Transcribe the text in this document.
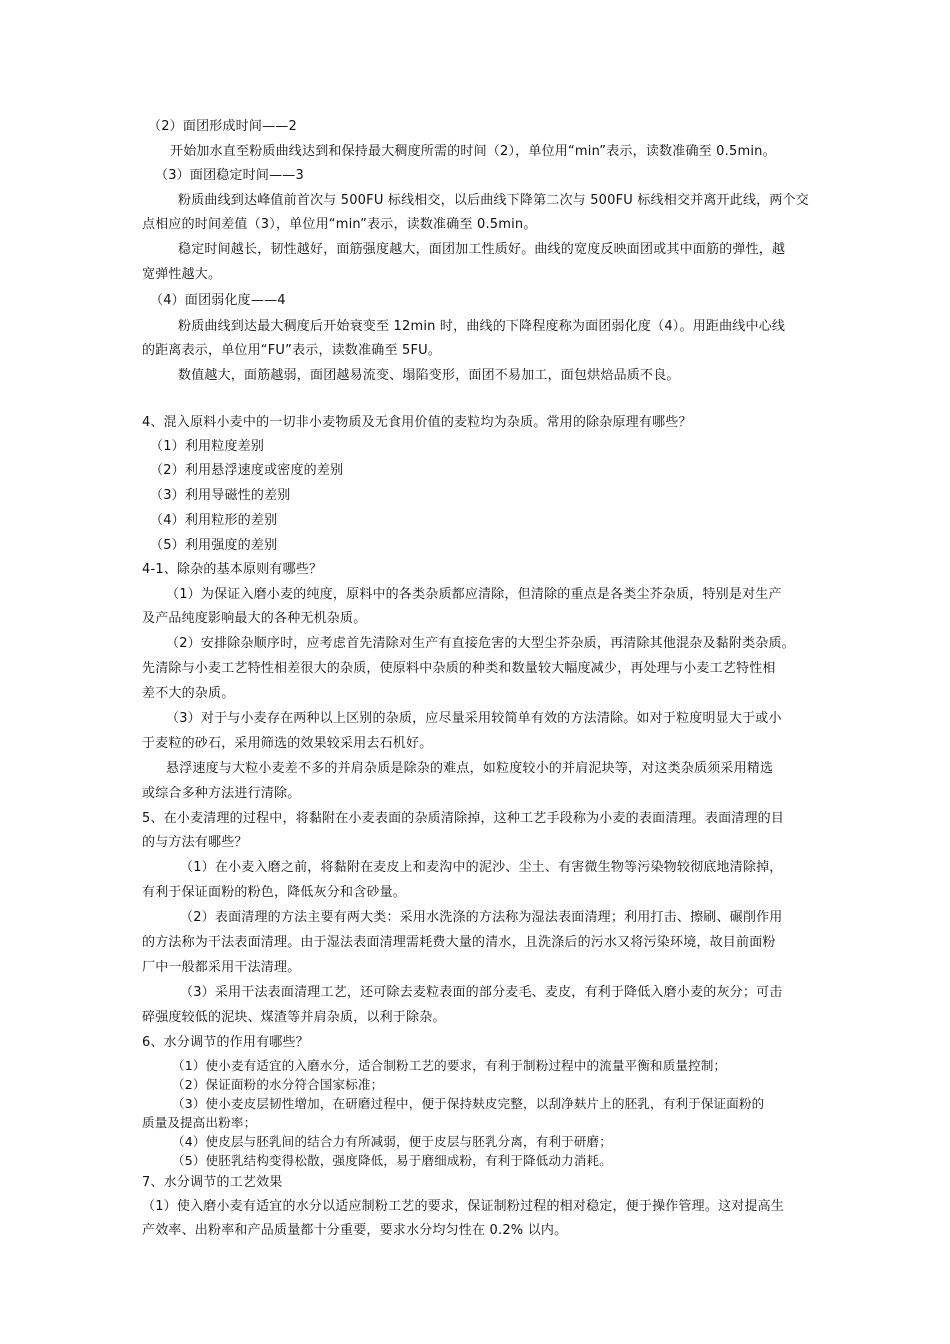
（2）面团形成时间——2
开始加水直至粉质曲线达到和保持最大稠度所需的时间（2），单位用“min”表示，读数准确至 0.5min。
（3）面团稳定时间——3
粉质曲线到达峰值前首次与 500FU 标线相交，以后曲线下降第二次与 500FU 标线相交并离开此线，两个交
点相应的时间差值（3），单位用“min”表示，读数准确至 0.5min。
稳定时间越长，韧性越好，面筋强度越大，面团加工性质好。曲线的宽度反映面团或其中面筋的弹性，越
宽弹性越大。
（4）面团弱化度——4
粉质曲线到达最大稠度后开始衰变至 12min 时，曲线的下降程度称为面团弱化度（4）。用距曲线中心线
的距离表示，单位用“FU”表示，读数准确至 5FU。
数值越大，面筋越弱，面团越易流变、塌陷变形，面团不易加工，面包烘焙品质不良。
4、混入原料小麦中的一切非小麦物质及无食用价值的麦粒均为杂质。常用的除杂原理有哪些？
（1）利用粒度差别
（2）利用悬浮速度或密度的差别
（3）利用导磁性的差别
（4）利用粒形的差别
（5）利用强度的差别
4-1、除杂的基本原则有哪些？
（1）为保证入磨小麦的纯度，原料中的各类杂质都应清除，但清除的重点是各类尘芥杂质，特别是对生产
及产品纯度影响最大的各种无机杂质。
（2）安排除杂顺序时，应考虑首先清除对生产有直接危害的大型尘芥杂质，再清除其他混杂及黏附类杂质。
先清除与小麦工艺特性相差很大的杂质，使原料中杂质的种类和数量较大幅度减少，再处理与小麦工艺特性相
差不大的杂质。
（3）对于与小麦存在两种以上区别的杂质，应尽量采用较简单有效的方法清除。如对于粒度明显大于或小
于麦粒的砂石，采用筛选的效果较采用去石机好。
悬浮速度与大粒小麦差不多的并肩杂质是除杂的难点，如粒度较小的并肩泥块等，对这类杂质须采用精选
或综合多种方法进行清除。
5、在小麦清理的过程中，将黏附在小麦表面的杂质清除掉，这种工艺手段称为小麦的表面清理。表面清理的目
的与方法有哪些？
（1）在小麦入磨之前，将黏附在麦皮上和麦沟中的泥沙、尘土、有害微生物等污染物较彻底地清除掉，
有利于保证面粉的粉色，降低灰分和含砂量。
（2）表面清理的方法主要有两大类：采用水洗涤的方法称为湿法表面清理；利用打击、擦刷、碾削作用
的方法称为干法表面清理。由于湿法表面清理需耗费大量的清水，且洗涤后的污水又将污染环境，故目前面粉
厂中一般都采用干法清理。
（3）采用干法表面清理工艺，还可除去麦粒表面的部分麦毛、麦皮，有利于降低入磨小麦的灰分；可击
碎强度较低的泥块、煤渣等并肩杂质，以利于除杂。
6、水分调节的作用有哪些？
（1）使小麦有适宜的入磨水分，适合制粉工艺的要求，有利于制粉过程中的流量平衡和质量控制；
（2）保证面粉的水分符合国家标准；
（3）使小麦皮层韧性增加，在研磨过程中，便于保持麸皮完整，以刮净麸片上的胚乳，有利于保证面粉的
质量及提高出粉率；
（4）使皮层与胚乳间的结合力有所减弱，便于皮层与胚乳分离，有利于研磨；
（5）使胚乳结构变得松散，强度降低，易于磨细成粉，有利于降低动力消耗。
7、水分调节的工艺效果
（1）使入磨小麦有适宜的水分以适应制粉工艺的要求，保证制粉过程的相对稳定，便于操作管理。这对提高生
产效率、出粉率和产品质量都十分重要，要求水分均匀性在 0.2% 以内。
